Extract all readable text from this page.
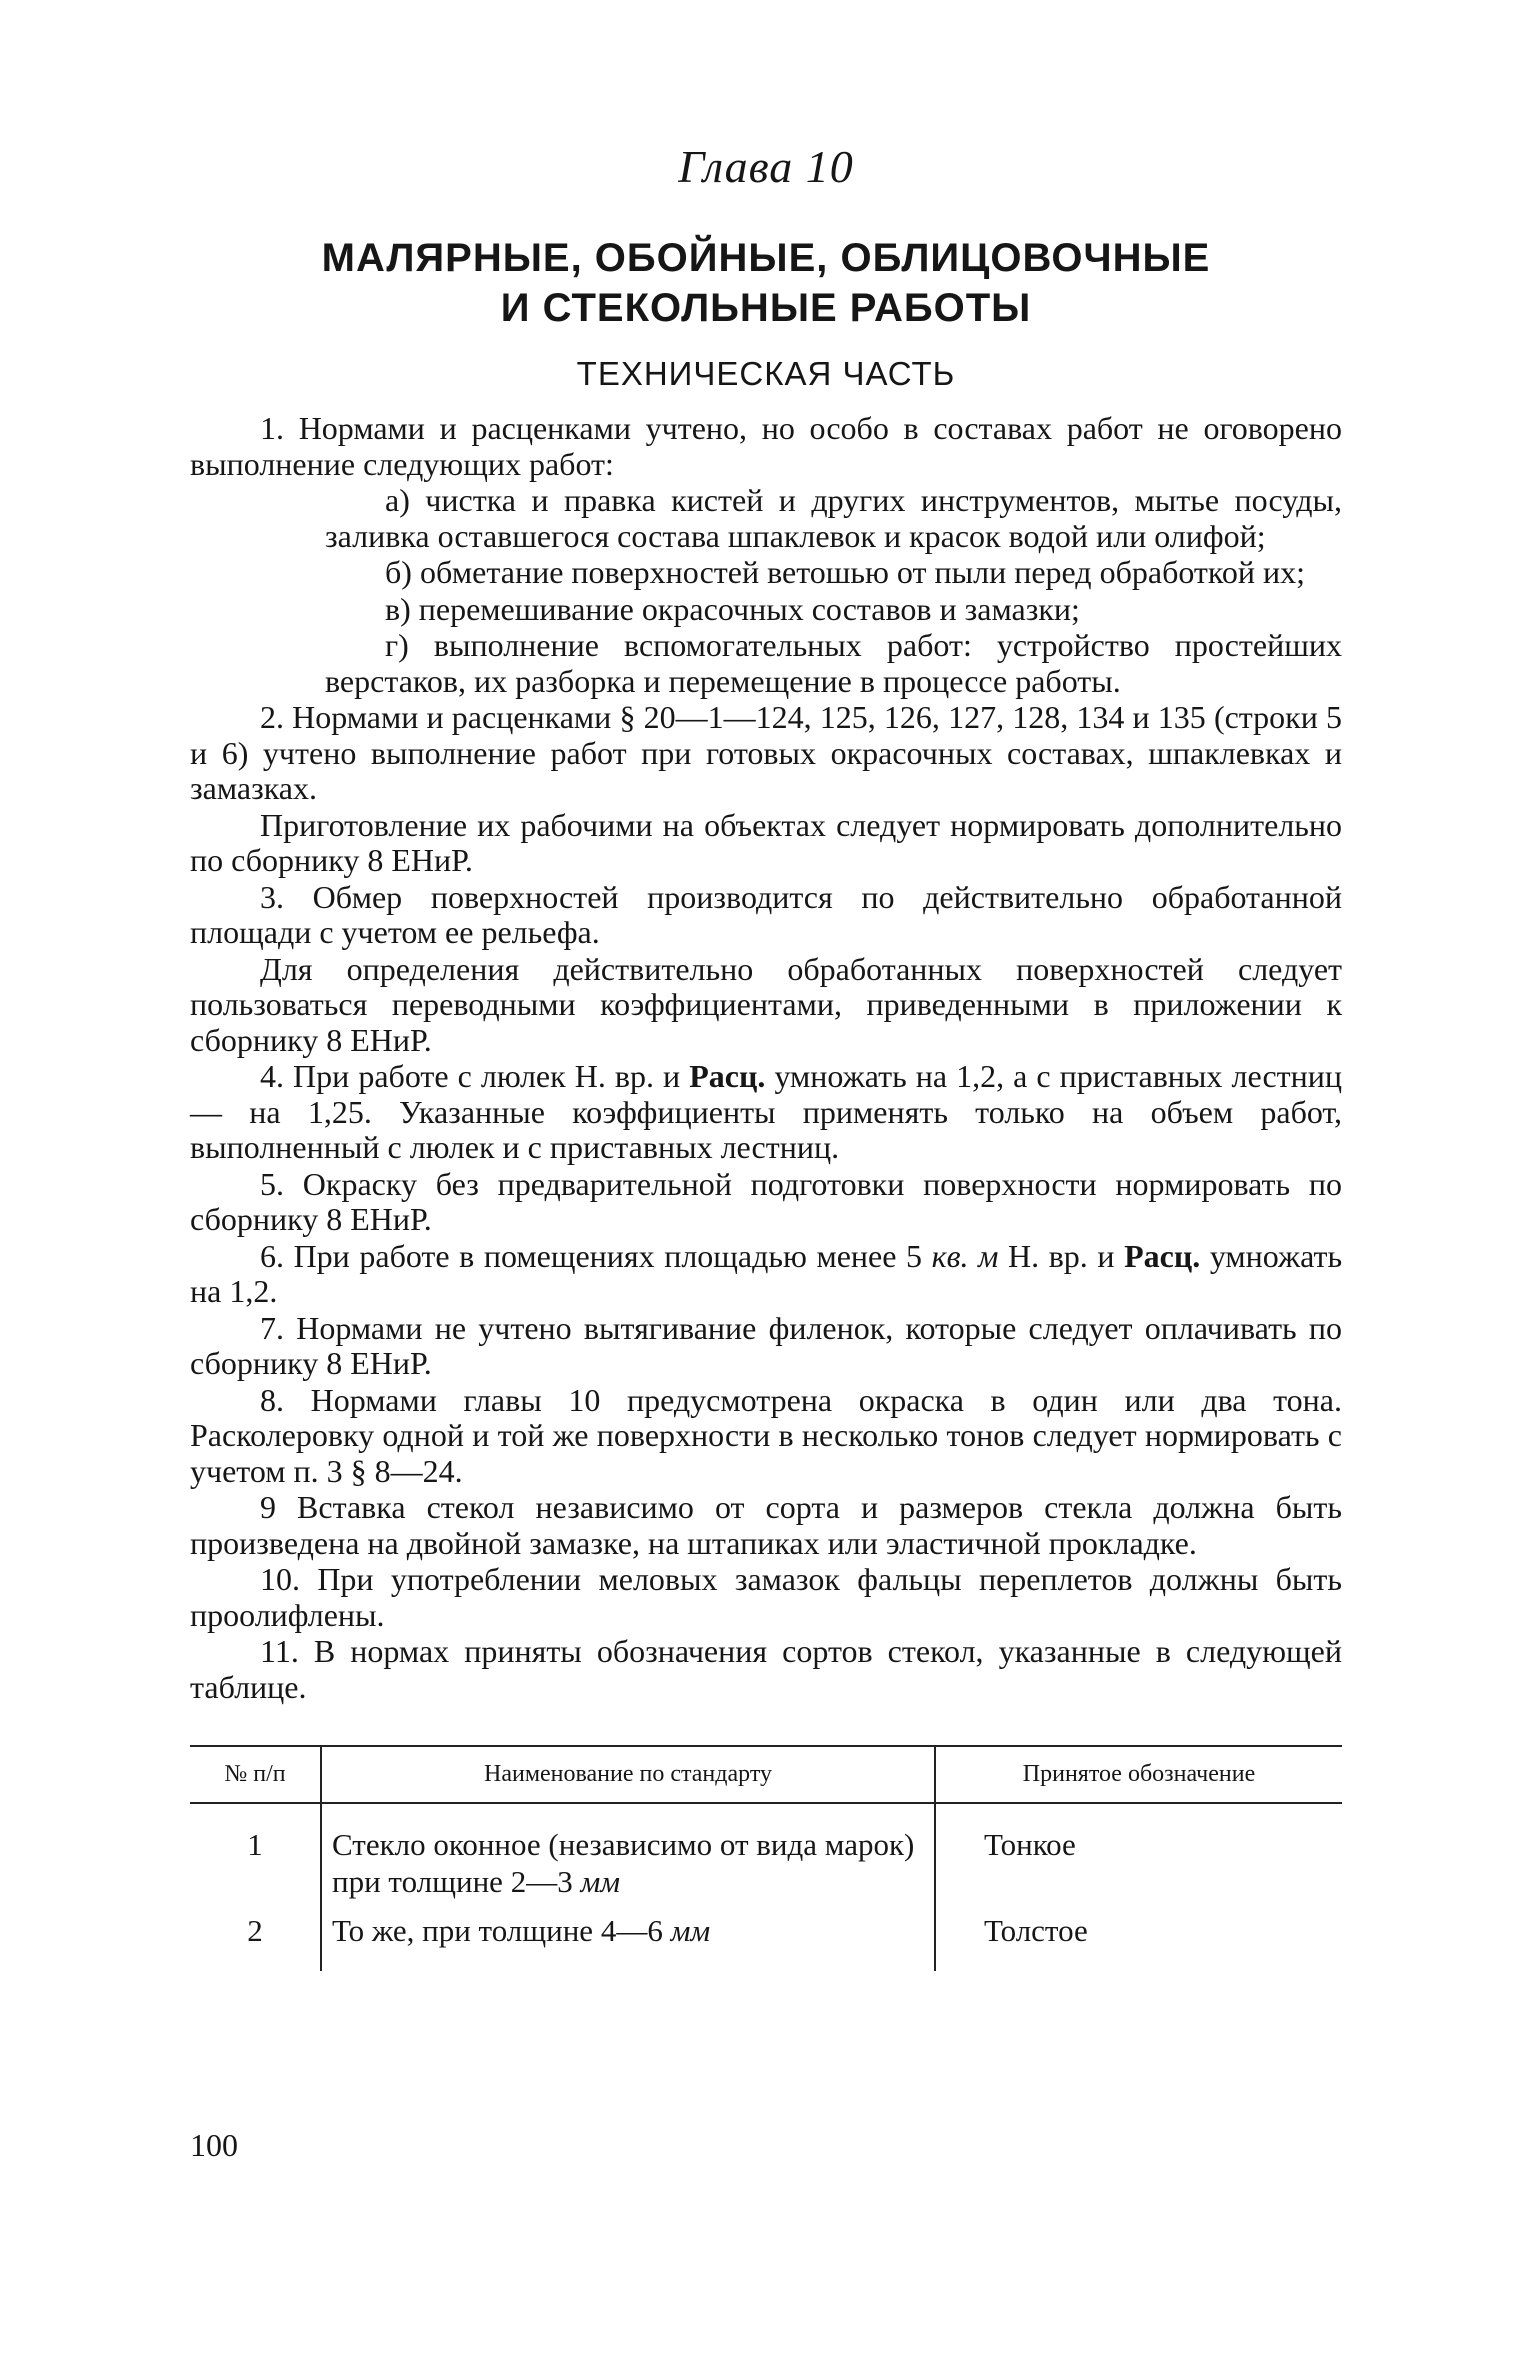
Глава 10
МАЛЯРНЫЕ, ОБОЙНЫЕ, ОБЛИЦОВОЧНЫЕ
И СТЕКОЛЬНЫЕ РАБОТЫ
ТЕХНИЧЕСКАЯ ЧАСТЬ

1. Нормами и расценками учтено, но особо в составах работ не оговорено выполнение следующих работ:

а) чистка и правка кистей и других инструментов, мытье посуды, заливка оставшегося состава шпаклевок и красок водой или олифой;

б) обметание поверхностей ветошью от пыли перед обработкой их;

в) перемешивание окрасочных составов и замазки;

г) выполнение вспомогательных работ: устройство простейших верстаков, их разборка и перемещение в процессе работы.

2. Нормами и расценками § 20—1—124, 125, 126, 127, 128, 134 и 135 (строки 5 и 6) учтено выполнение работ при готовых окрасочных составах, шпаклевках и замазках.

Приготовление их рабочими на объектах следует нормировать дополнительно по сборнику 8 ЕНиР.

3. Обмер поверхностей производится по действительно обработанной площади с учетом ее рельефа.

Для определения действительно обработанных поверхностей следует пользоваться переводными коэффициентами, приведенными в приложении к сборнику 8 ЕНиР.

4. При работе с люлек Н. вр. и Расц. умножать на 1,2, а с приставных лестниц — на 1,25. Указанные коэффициенты применять только на объем работ, выполненный с люлек и с приставных лестниц.

5. Окраску без предварительной подготовки поверхности нормировать по сборнику 8 ЕНиР.

6. При работе в помещениях площадью менее 5 кв. м Н. вр. и Расц. умножать на 1,2.

7. Нормами не учтено вытягивание филенок, которые следует оплачивать по сборнику 8 ЕНиР.

8. Нормами главы 10 предусмотрена окраска в один или два тона. Расколеровку одной и той же поверхности в несколько тонов следует нормировать с учетом п. 3 § 8—24.

9 Вставка стекол независимо от сорта и размеров стекла должна быть произведена на двойной замазке, на штапиках или эластичной прокладке.

10. При употреблении меловых замазок фальцы переплетов должны быть проолифлены.

11. В нормах приняты обозначения сортов стекол, указанные в следующей таблице.

№ п/п	Наименование по стандарту	Принятое обозначение
1	Стекло оконное (независимо от вида марок) при толщине 2—3 мм	Тонкое
2	То же, при толщине 4—6 мм	Толстое
100
